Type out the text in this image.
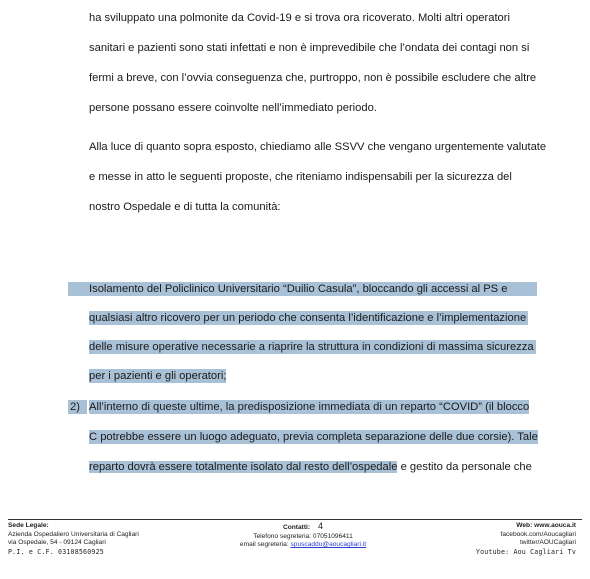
ha sviluppato una polmonite da Covid-19 e si trova ora ricoverato. Molti altri operatori
sanitari e pazienti sono stati infettati e non è imprevedibile che l’ondata dei contagi non si
fermi a breve, con l’ovvia conseguenza che, purtroppo, non è possibile escludere che altre
persone possano essere coinvolte nell’immediato periodo.
Alla luce di quanto sopra esposto, chiediamo alle SSVV che vengano urgentemente valutate
e messe in atto le seguenti proposte, che riteniamo indispensabili per la sicurezza del
nostro Ospedale e di tutta la comunità:
Isolamento del Policlinico Universitario “Duilio Casula”, bloccando gli accessi al PS e
qualsiasi altro ricovero per un periodo che consenta l’identificazione e l’implementazione
delle misure operative necessarie a riaprire la struttura in condizioni di massima sicurezza
per i pazienti e gli operatori;
2) All’interno di queste ultime, la predisposizione immediata di un reparto “COVID” (il blocco
C potrebbe essere un luogo adeguato, previa completa separazione delle due corsie). Tale
reparto dovrà essere totalmente isolato dal resto dell’ospedale e gestito da personale che
Sede Legale:
Azienda Ospedaliero Universitaria di Cagliari
via Ospedale, 54 - 09124 Cagliari
P.I. e C.F. 03108560925
Contatti: 4
Telefono segreteria: 07051096411
email segreteria: spuscaddu@aoucagliari.it
Web: www.aouca.it
facebook.com/Aoucagliari
twitter/AOUCagliari
Youtube: Aou Cagliari Tv
